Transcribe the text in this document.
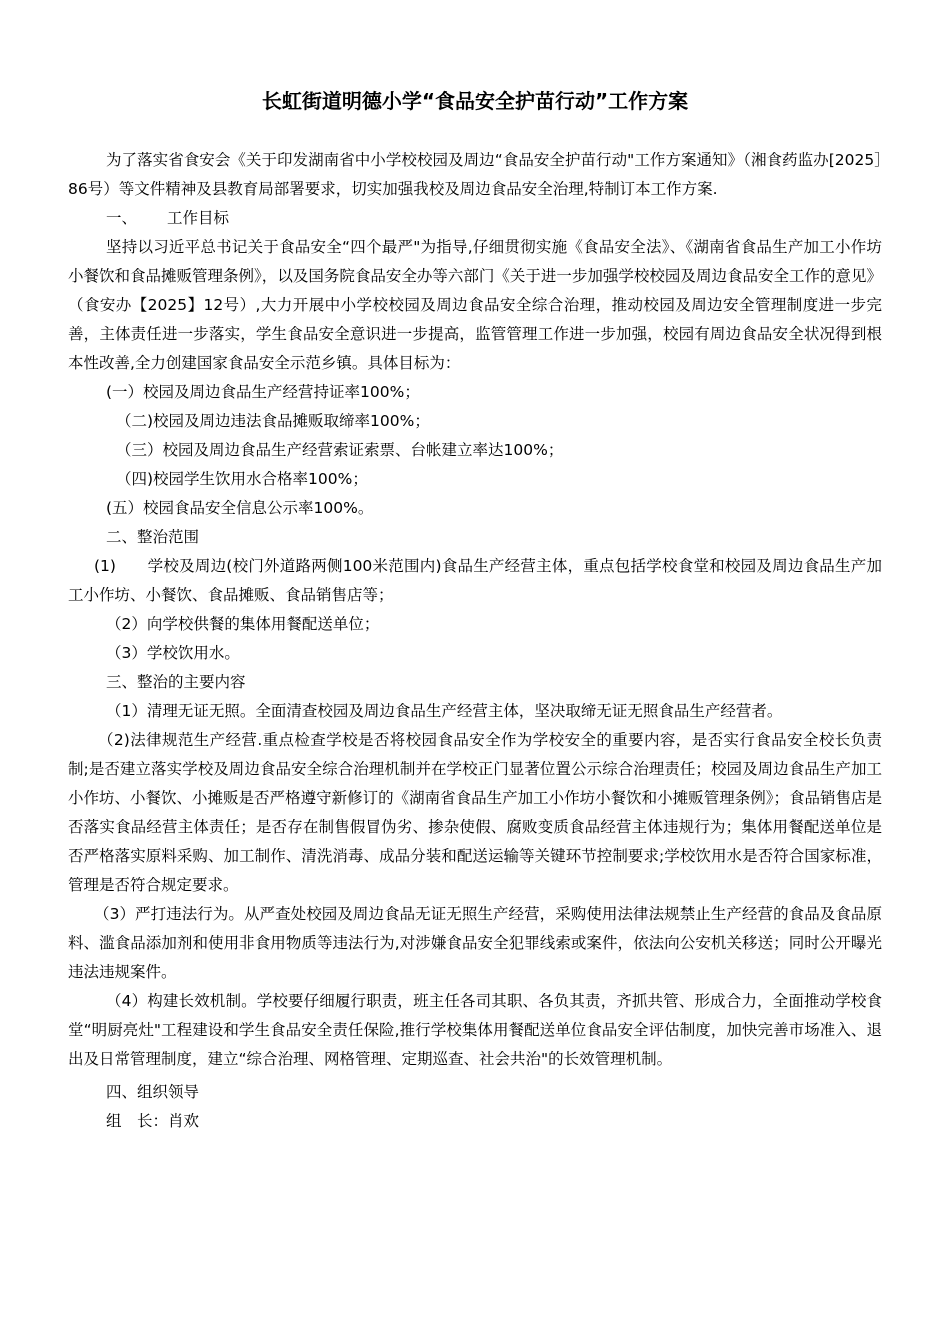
长虹街道明德小学“食品安全护苗行动”工作方案

为了落实省食安会《关于印发湖南省中小学校校园及周边“食品安全护苗行动"工作方案通知》（湘食药监办[2025］86号）等文件精神及县教育局部署要求，切实加强我校及周边食品安全治理,特制订本工作方案.

一、 工作目标

坚持以习近平总书记关于食品安全“四个最严"为指导,仔细贯彻实施《食品安全法》、《湖南省食品生产加工小作坊小餐饮和食品摊贩管理条例》，以及国务院食品安全办等六部门《关于进一步加强学校校园及周边食品安全工作的意见》（食安办【2025】12号）,大力开展中小学校校园及周边食品安全综合治理，推动校园及周边安全管理制度进一步完善，主体责任进一步落实，学生食品安全意识进一步提高，监管管理工作进一步加强，校园有周边食品安全状况得到根本性改善,全力创建国家食品安全示范乡镇。具体目标为：

(一）校园及周边食品生产经营持证率100%；

（二)校园及周边违法食品摊贩取缔率100%；

（三）校园及周边食品生产经营索证索票、台帐建立率达100%；

（四)校园学生饮用水合格率100%；

(五）校园食品安全信息公示率100%。

二、整治范围

(1)　　学校及周边(校门外道路两侧100米范围内)食品生产经营主体，重点包括学校食堂和校园及周边食品生产加工小作坊、小餐饮、食品摊贩、食品销售店等；

（2）向学校供餐的集体用餐配送单位；

（3）学校饮用水。

三、整治的主要内容

（1）清理无证无照。全面清查校园及周边食品生产经营主体，坚决取缔无证无照食品生产经营者。

（2)法律规范生产经营.重点检查学校是否将校园食品安全作为学校安全的重要内容，是否实行食品安全校长负责制;是否建立落实学校及周边食品安全综合治理机制并在学校正门显著位置公示综合治理责任；校园及周边食品生产加工小作坊、小餐饮、小摊贩是否严格遵守新修订的《湖南省食品生产加工小作坊小餐饮和小摊贩管理条例》；食品销售店是否落实食品经营主体责任；是否存在制售假冒伪劣、掺杂使假、腐败变质食品经营主体违规行为；集体用餐配送单位是否严格落实原料采购、加工制作、清洗消毒、成品分装和配送运输等关键环节控制要求;学校饮用水是否符合国家标准，管理是否符合规定要求。

（3）严打违法行为。从严查处校园及周边食品无证无照生产经营，采购使用法律法规禁止生产经营的食品及食品原料、滥食品添加剂和使用非食用物质等违法行为,对涉嫌食品安全犯罪线索或案件，依法向公安机关移送；同时公开曝光违法违规案件。

（4）构建长效机制。学校要仔细履行职责，班主任各司其职、各负其责，齐抓共管、形成合力，全面推动学校食堂“明厨亮灶"工程建设和学生食品安全责任保险,推行学校集体用餐配送单位食品安全评估制度，加快完善市场准入、退出及日常管理制度，建立“综合治理、网格管理、定期巡查、社会共治"的长效管理机制。

四、组织领导

组　长：肖欢
